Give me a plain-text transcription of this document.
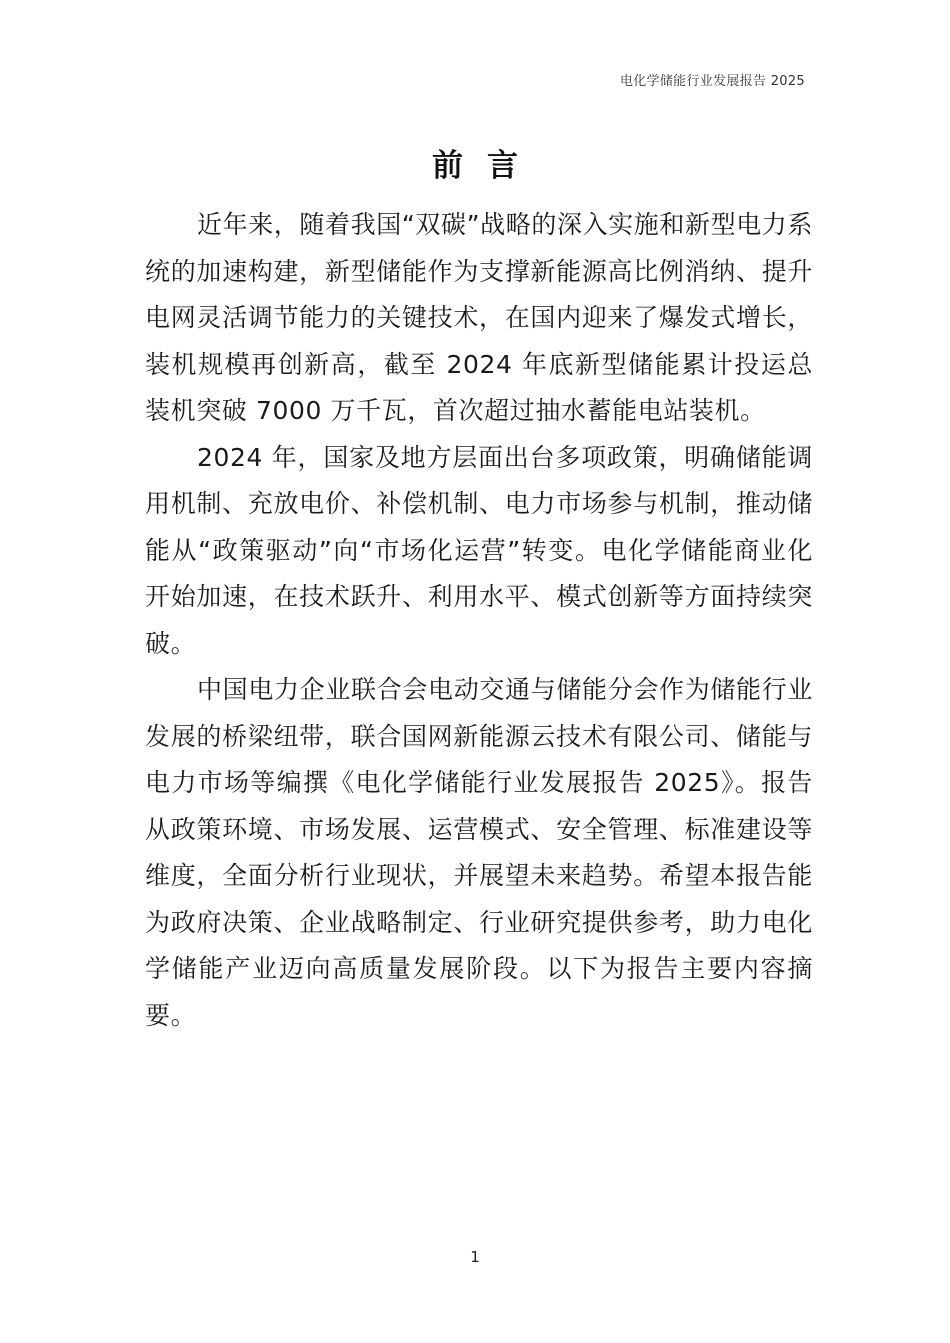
电化学储能行业发展报告 2025
前言

近年来，随着我国“双碳”战略的深入实施和新型电力系统的加速构建，新型储能作为支撑新能源高比例消纳、提升电网灵活调节能力的关键技术，在国内迎来了爆发式增长，装机规模再创新高，截至 2024 年底新型储能累计投运总装机突破 7000 万千瓦，首次超过抽水蓄能电站装机。

2024 年，国家及地方层面出台多项政策，明确储能调用机制、充放电价、补偿机制、电力市场参与机制，推动储能从“政策驱动”向“市场化运营”转变。电化学储能商业化开始加速，在技术跃升、利用水平、模式创新等方面持续突破。

中国电力企业联合会电动交通与储能分会作为储能行业发展的桥梁纽带，联合国网新能源云技术有限公司、储能与电力市场等编撰《电化学储能行业发展报告 2025》。报告从政策环境、市场发展、运营模式、安全管理、标准建设等维度，全面分析行业现状，并展望未来趋势。希望本报告能为政府决策、企业战略制定、行业研究提供参考，助力电化学储能产业迈向高质量发展阶段。以下为报告主要内容摘要。

1
